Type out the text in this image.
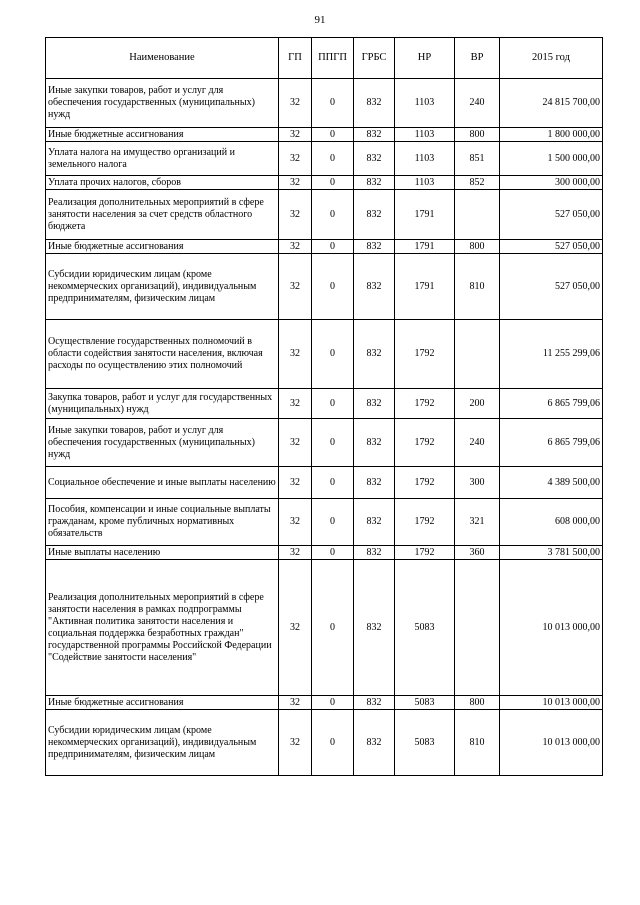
91
Наименование	ГП	ППГП	ГРБС	НР	ВР	2015 год
Иные закупки товаров, работ и услуг для обеспечения государственных (муниципальных) нужд	32	0	832	1103	240	24 815 700,00
Иные бюджетные ассигнования	32	0	832	1103	800	1 800 000,00
Уплата налога на имущество организаций и земельного налога	32	0	832	1103	851	1 500 000,00
Уплата прочих налогов, сборов	32	0	832	1103	852	300 000,00
Реализация дополнительных мероприятий в сфере занятости населения за счет средств областного бюджета	32	0	832	1791		527 050,00
Иные бюджетные ассигнования	32	0	832	1791	800	527 050,00
Субсидии юридическим лицам (кроме некоммерческих организаций), индивидуальным предпринимателям, физическим лицам	32	0	832	1791	810	527 050,00
Осуществление государственных полномочий в области содействия занятости населения, включая расходы по осуществлению этих полномочий	32	0	832	1792		11 255 299,06
Закупка товаров, работ и услуг для государственных (муниципальных) нужд	32	0	832	1792	200	6 865 799,06
Иные закупки товаров, работ и услуг для обеспечения государственных (муниципальных) нужд	32	0	832	1792	240	6 865 799,06
Социальное обеспечение и иные выплаты населению	32	0	832	1792	300	4 389 500,00
Пособия, компенсации и иные социальные выплаты гражданам, кроме публичных нормативных обязательств	32	0	832	1792	321	608 000,00
Иные выплаты населению	32	0	832	1792	360	3 781 500,00
Реализация дополнительных мероприятий в сфере занятости населения в рамках подпрограммы "Активная политика занятости населения и социальная поддержка безработных граждан" государственной программы Российской Федерации "Содействие занятости населения"	32	0	832	5083		10 013 000,00
Иные бюджетные ассигнования	32	0	832	5083	800	10 013 000,00
Субсидии юридическим лицам (кроме некоммерческих организаций), индивидуальным предпринимателям, физическим лицам	32	0	832	5083	810	10 013 000,00
